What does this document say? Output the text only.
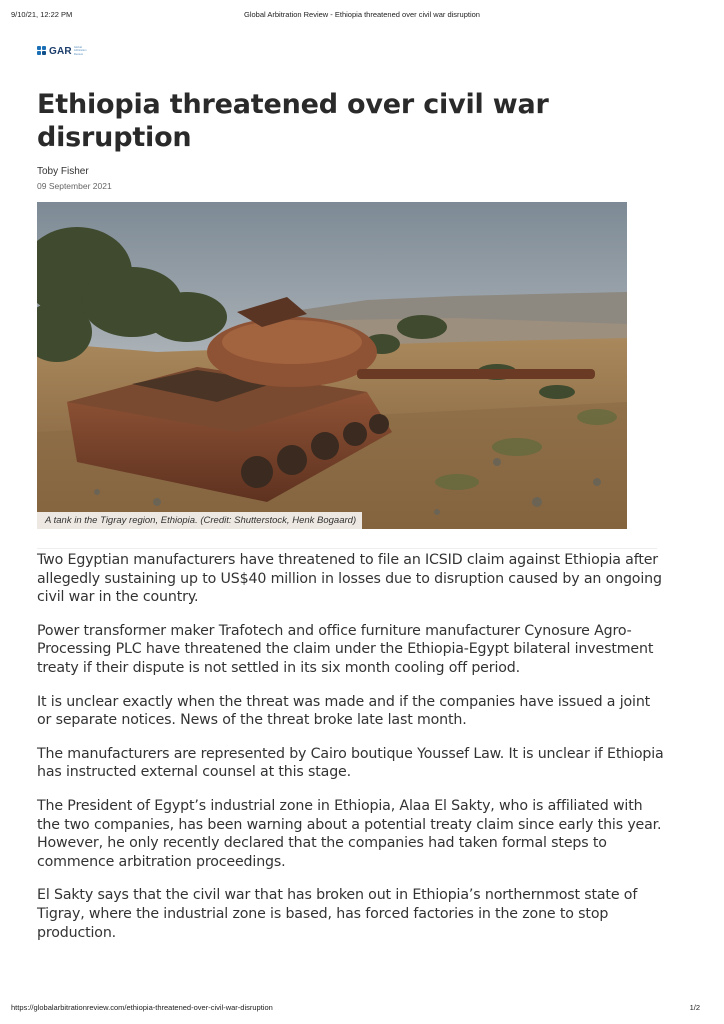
9/10/21, 12:22 PM	Global Arbitration Review - Ethiopia threatened over civil war disruption
GAR Global Arbitration Review
Ethiopia threatened over civil war disruption
Toby Fisher
09 September 2021
A tank in the Tigray region, Ethiopia. (Credit: Shutterstock, Henk Bogaard)

Two Egyptian manufacturers have threatened to file an ICSID claim against Ethiopia after allegedly sustaining up to US$40 million in losses due to disruption caused by an ongoing civil war in the country.

Power transformer maker Trafotech and office furniture manufacturer Cynosure Agro-Processing PLC have threatened the claim under the Ethiopia-Egypt bilateral investment treaty if their dispute is not settled in its six month cooling off period.

It is unclear exactly when the threat was made and if the companies have issued a joint or separate notices. News of the threat broke late last month.

The manufacturers are represented by Cairo boutique Youssef Law. It is unclear if Ethiopia has instructed external counsel at this stage.

The President of Egypt’s industrial zone in Ethiopia, Alaa El Sakty, who is affiliated with the two companies, has been warning about a potential treaty claim since early this year. However, he only recently declared that the companies had taken formal steps to commence arbitration proceedings.

El Sakty says that the civil war that has broken out in Ethiopia’s northernmost state of Tigray, where the industrial zone is based, has forced factories in the zone to stop production.

https://globalarbitrationreview.com/ethiopia-threatened-over-civil-war-disruption	1/2
